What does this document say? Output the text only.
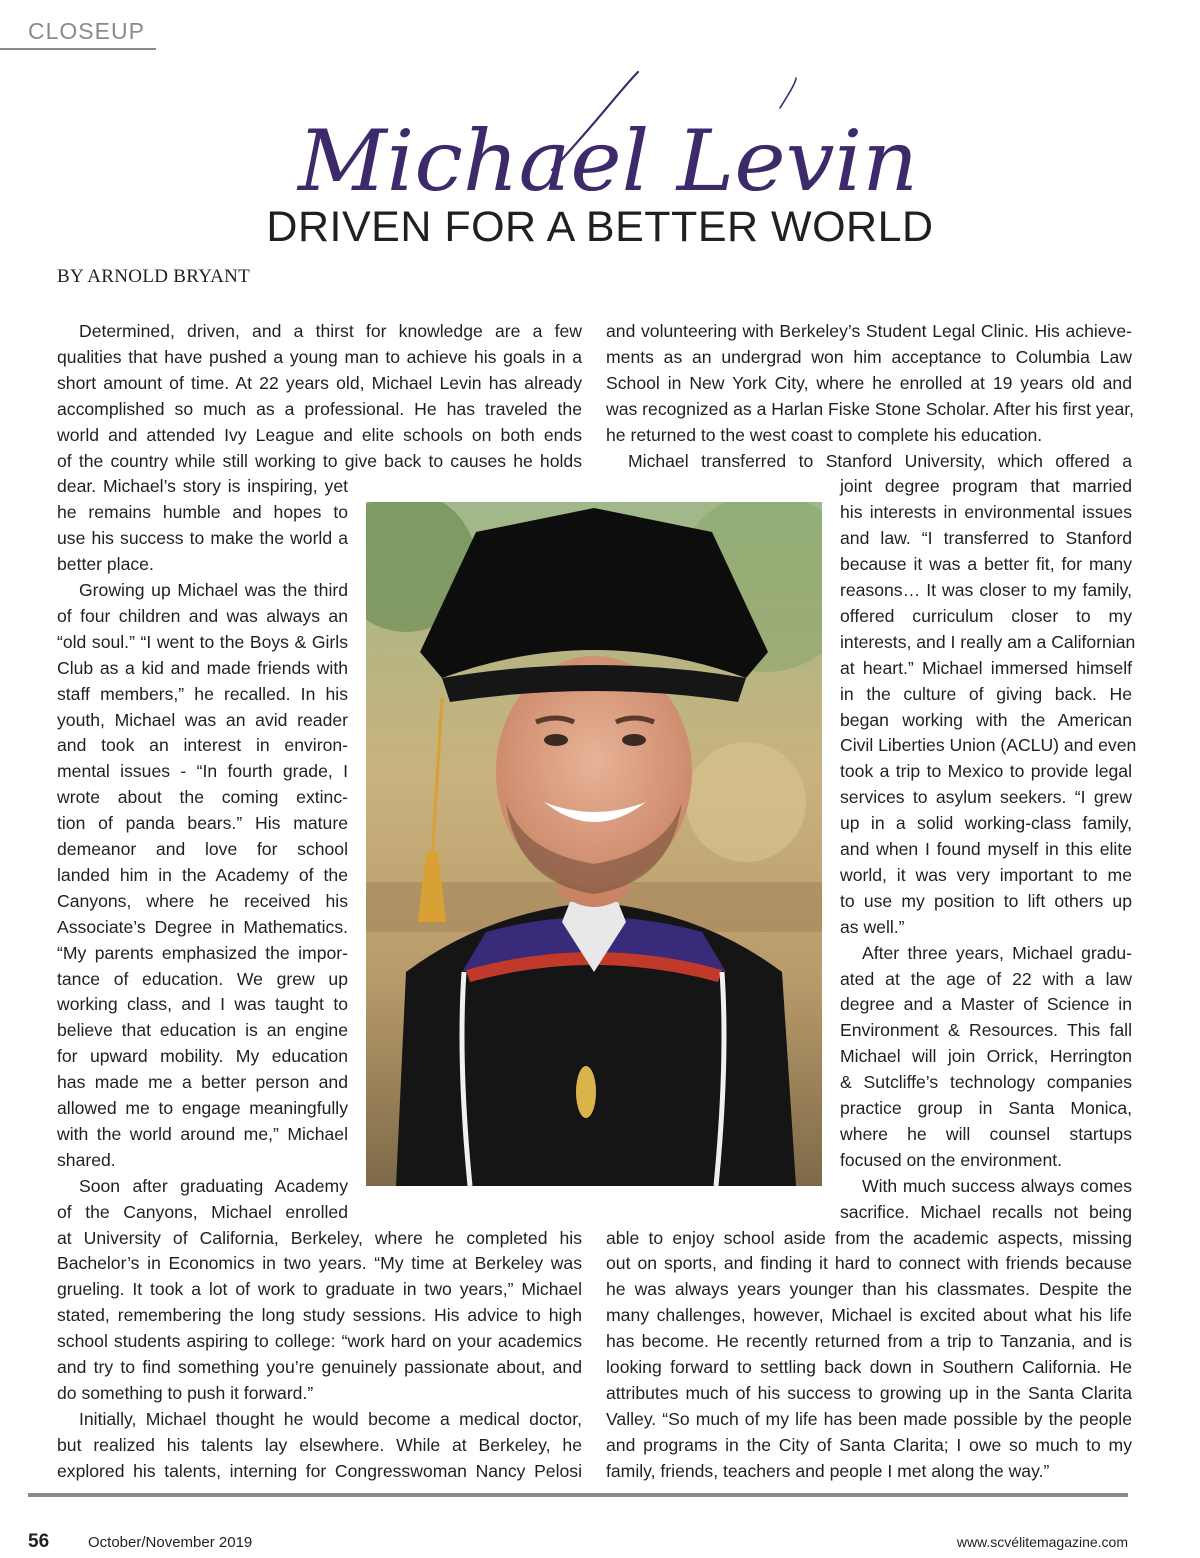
CLOSEUP
Michael Levin
DRIVEN FOR A BETTER WORLD
BY ARNOLD BRYANT

Determined, driven, and a thirst for knowledge are a few

qualities that have pushed a young man to achieve his goals in a

short amount of time. At 22 years old, Michael Levin has already

accomplished so much as a professional. He has traveled the

world and attended Ivy League and elite schools on both ends

of the country while still working to give back to causes he holds

dear. Michael’s story is inspiring, yet

he remains humble and hopes to

use his success to make the world a

better place.

Growing up Michael was the third

of four children and was always an

“old soul.” “I went to the Boys & Girls

Club as a kid and made friends with

staff members,” he recalled. In his

youth, Michael was an avid reader

and took an interest in environ-

mental issues - “In fourth grade, I

wrote about the coming extinc-

tion of panda bears.” His mature

demeanor and love for school

landed him in the Academy of the

Canyons, where he received his

Associate’s Degree in Mathematics.

“My parents emphasized the impor-

tance of education. We grew up

working class, and I was taught to

believe that education is an engine

for upward mobility. My education

has made me a better person and

allowed me to engage meaningfully

with the world around me,” Michael

shared.

Soon after graduating Academy

of the Canyons, Michael enrolled

at University of California, Berkeley, where he completed his

Bachelor’s in Economics in two years. “My time at Berkeley was

grueling. It took a lot of work to graduate in two years,” Michael

stated, remembering the long study sessions. His advice to high

school students aspiring to college: “work hard on your academics

and try to find something you’re genuinely passionate about, and

do something to push it forward.”

Initially, Michael thought he would become a medical doctor,

but realized his talents lay elsewhere. While at Berkeley, he

explored his talents, interning for Congresswoman Nancy Pelosi

and volunteering with Berkeley’s Student Legal Clinic. His achieve-

ments as an undergrad won him acceptance to Columbia Law

School in New York City, where he enrolled at 19 years old and

was recognized as a Harlan Fiske Stone Scholar. After his first year,

he returned to the west coast to complete his education.

Michael transferred to Stanford University, which offered a

joint degree program that married

his interests in environmental issues

and law. “I transferred to Stanford

because it was a better fit, for many

reasons… It was closer to my family,

offered curriculum closer to my

interests, and I really am a Californian

at heart.” Michael immersed himself

in the culture of giving back. He

began working with the American

Civil Liberties Union (ACLU) and even

took a trip to Mexico to provide legal

services to asylum seekers. “I grew

up in a solid working-class family,

and when I found myself in this elite

world, it was very important to me

to use my position to lift others up

as well.”

After three years, Michael gradu-

ated at the age of 22 with a law

degree and a Master of Science in

Environment & Resources. This fall

Michael will join Orrick, Herrington

& Sutcliffe’s technology companies

practice group in Santa Monica,

where he will counsel startups

focused on the environment.

With much success always comes

sacrifice. Michael recalls not being

able to enjoy school aside from the academic aspects, missing

out on sports, and finding it hard to connect with friends because

he was always years younger than his classmates. Despite the

many challenges, however, Michael is excited about what his life

has become. He recently returned from a trip to Tanzania, and is

looking forward to settling back down in Southern California. He

attributes much of his success to growing up in the Santa Clarita

Valley. “So much of my life has been made possible by the people

and programs in the City of Santa Clarita; I owe so much to my

family, friends, teachers and people I met along the way.”

56	October/November 2019	www.scvélitemagazine.com
